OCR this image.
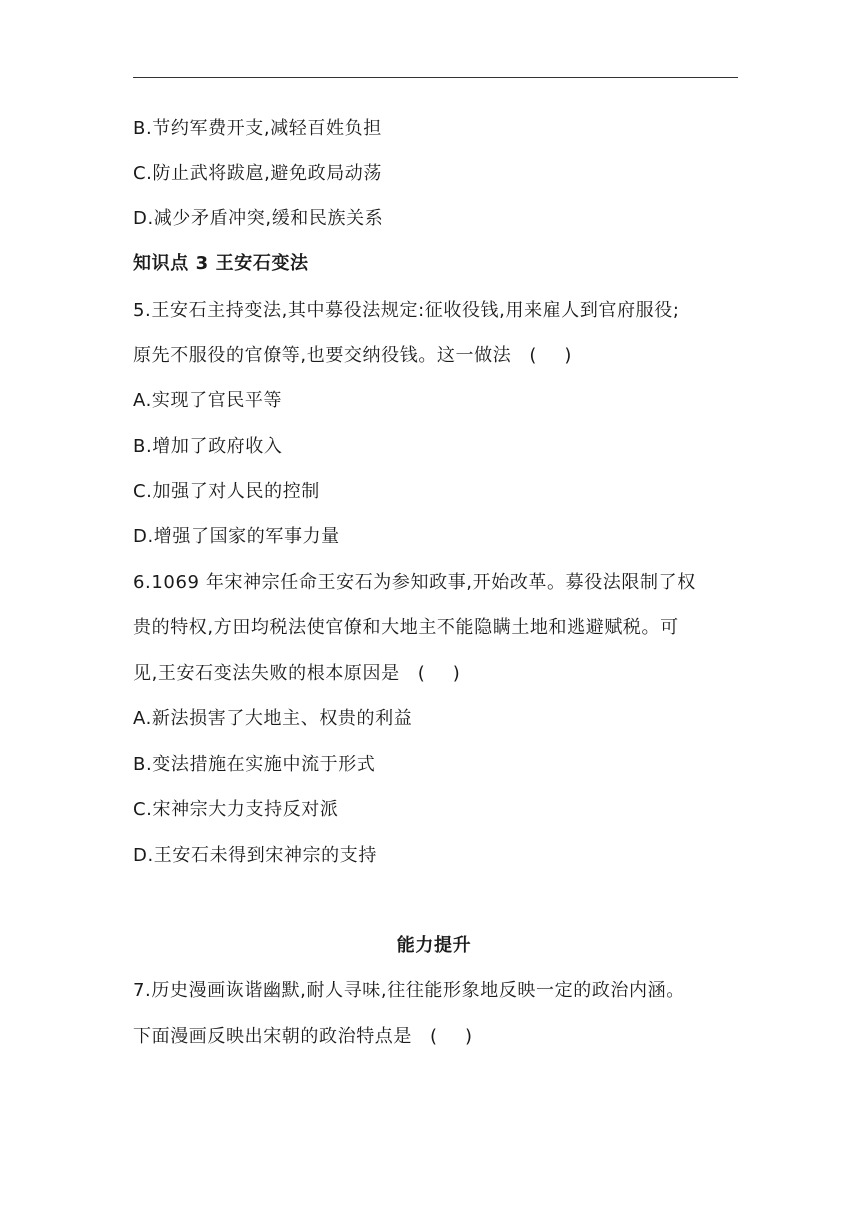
B.节约军费开支,减轻百姓负担
C.防止武将跋扈,避免政局动荡
D.减少矛盾冲突,缓和民族关系
知识点 3 王安石变法
5.王安石主持变法,其中募役法规定:征收役钱,用来雇人到官府服役;
原先不服役的官僚等,也要交纳役钱。这一做法 ( )
A.实现了官民平等
B.增加了政府收入
C.加强了对人民的控制
D.增强了国家的军事力量
6.1069 年宋神宗任命王安石为参知政事,开始改革。募役法限制了权
贵的特权,方田均税法使官僚和大地主不能隐瞒土地和逃避赋税。可
见,王安石变法失败的根本原因是 ( )
A.新法损害了大地主、权贵的利益
B.变法措施在实施中流于形式
C.宋神宗大力支持反对派
D.王安石未得到宋神宗的支持
能力提升
7.历史漫画诙谐幽默,耐人寻味,往往能形象地反映一定的政治内涵。
下面漫画反映出宋朝的政治特点是 ( )
